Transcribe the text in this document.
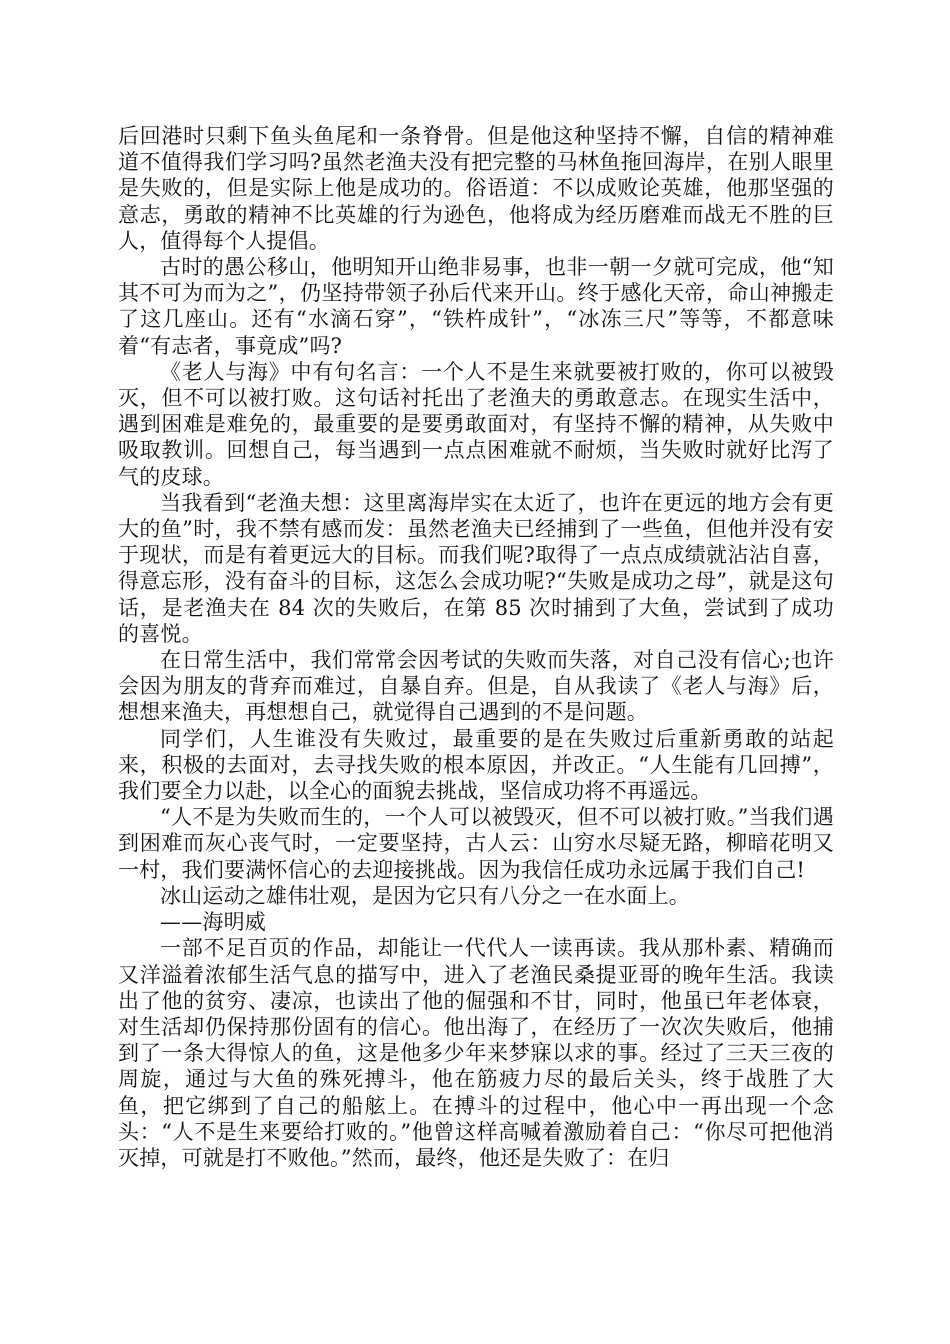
后回港时只剩下鱼头鱼尾和一条脊骨。但是他这种坚持不懈，自信的精神难道不值得我们学习吗?虽然老渔夫没有把完整的马林鱼拖回海岸，在别人眼里是失败的，但是实际上他是成功的。俗语道：不以成败论英雄，他那坚强的意志，勇敢的精神不比英雄的行为逊色，他将成为经历磨难而战无不胜的巨人，值得每个人提倡。

古时的愚公移山，他明知开山绝非易事，也非一朝一夕就可完成，他“知其不可为而为之”，仍坚持带领子孙后代来开山。终于感化天帝，命山神搬走了这几座山。还有“水滴石穿”，“铁杵成针”，“冰冻三尺”等等，不都意味着“有志者，事竟成”吗?

《老人与海》中有句名言：一个人不是生来就要被打败的，你可以被毁灭，但不可以被打败。这句话衬托出了老渔夫的勇敢意志。在现实生活中，遇到困难是难免的，最重要的是要勇敢面对，有坚持不懈的精神，从失败中吸取教训。回想自己，每当遇到一点点困难就不耐烦，当失败时就好比泻了气的皮球。

当我看到“老渔夫想：这里离海岸实在太近了，也许在更远的地方会有更大的鱼”时，我不禁有感而发：虽然老渔夫已经捕到了一些鱼，但他并没有安于现状，而是有着更远大的目标。而我们呢?取得了一点点成绩就沾沾自喜，得意忘形，没有奋斗的目标，这怎么会成功呢?“失败是成功之母”，就是这句话，是老渔夫在 84 次的失败后，在第 85 次时捕到了大鱼，尝试到了成功的喜悦。

在日常生活中，我们常常会因考试的失败而失落，对自己没有信心;也许会因为朋友的背弃而难过，自暴自弃。但是，自从我读了《老人与海》后，想想来渔夫，再想想自己，就觉得自己遇到的不是问题。

同学们，人生谁没有失败过，最重要的是在失败过后重新勇敢的站起来，积极的去面对，去寻找失败的根本原因，并改正。“人生能有几回搏”，我们要全力以赴，以全心的面貌去挑战，坚信成功将不再遥远。

“人不是为失败而生的，一个人可以被毁灭，但不可以被打败。”当我们遇到困难而灰心丧气时，一定要坚持，古人云：山穷水尽疑无路，柳暗花明又一村，我们要满怀信心的去迎接挑战。因为我信任成功永远属于我们自己!

冰山运动之雄伟壮观，是因为它只有八分之一在水面上。

——海明威

一部不足百页的作品，却能让一代代人一读再读。我从那朴素、精确而又洋溢着浓郁生活气息的描写中，进入了老渔民桑提亚哥的晚年生活。我读出了他的贫穷、凄凉，也读出了他的倔强和不甘，同时，他虽已年老体衰，对生活却仍保持那份固有的信心。他出海了，在经历了一次次失败后，他捕到了一条大得惊人的鱼，这是他多少年来梦寐以求的事。经过了三天三夜的周旋，通过与大鱼的殊死搏斗，他在筋疲力尽的最后关头，终于战胜了大鱼，把它绑到了自己的船舷上。在搏斗的过程中，他心中一再出现一个念头：“人不是生来要给打败的。”他曾这样高喊着激励着自己：“你尽可把他消灭掉，可就是打不败他。”然而，最终，他还是失败了：在归
